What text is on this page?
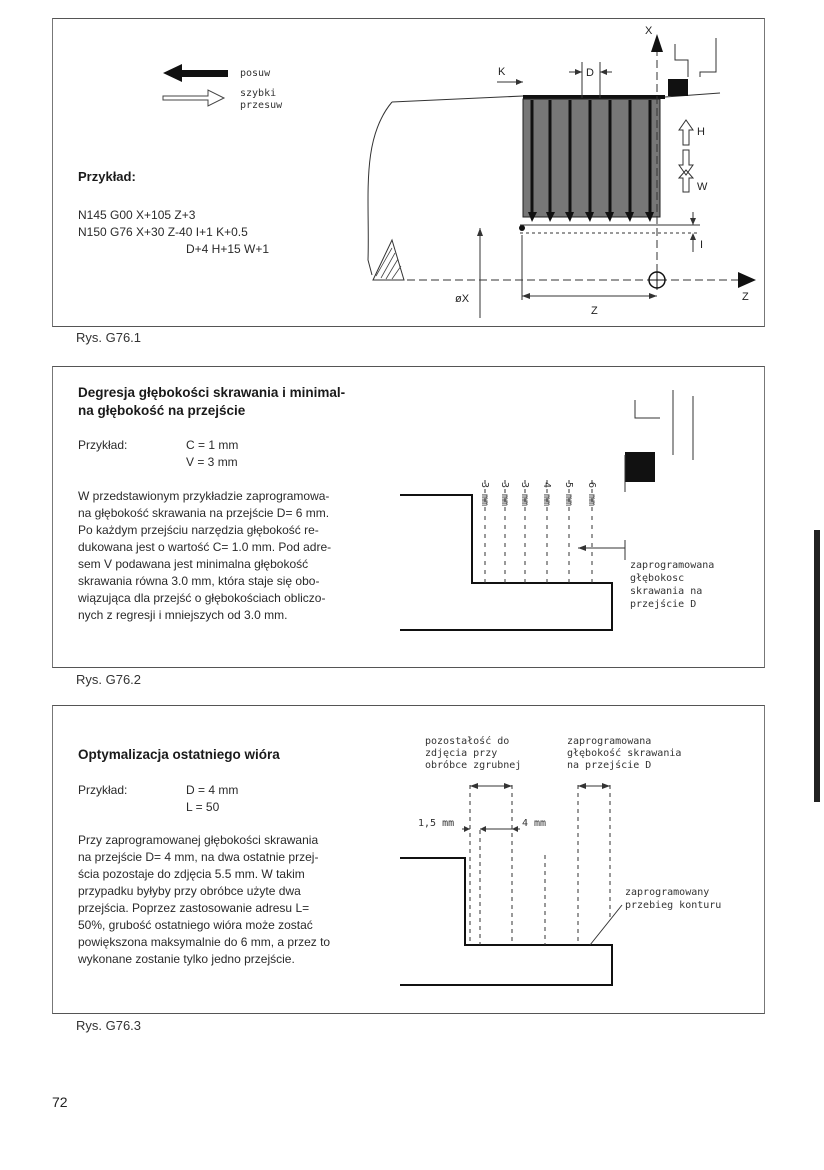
posuw
szybki
przesuw
Przykład:
N145 G00 X+105 Z+3
N150 G76 X+30 Z-40 I+1 K+0.5
D+4 H+15 W+1
X
Z
K	D
H
W
I
øX
Z
Rys. G76.1
Degresja głębokości skrawania i minimal-
na głębokość na przejście
Przykład:	C = 1 mm
V = 3 mm
W przedstawionym przykładzie zaprogramowa-
na głębokość skrawania na przejście D= 6 mm.
Po każdym przejściu narzędzia głębokość re-
dukowana jest o wartość C= 1.0 mm. Pod adre-
sem V podawana jest minimalna głębokość
skrawania równa 3.0 mm, która staje się obo-
wiązująca dla przejść o głębokościach obliczo-
nych z regresji i mniejszych od 3.0 mm.
3 mm 3 mm 3 mm 4 mm 5 mm 6 mm
zaprogramowana
głębokosc
skrawania na
przejście D
Rys. G76.2
Optymalizacja ostatniego wióra
Przykład:	D = 4 mm
L = 50
Przy zaprogramowanej głębokości skrawania
na przejście D= 4 mm, na dwa ostatnie przej-
ścia pozostaje do zdjęcia 5.5 mm. W takim
przypadku byłyby przy obróbce użyte dwa
przejścia. Poprzez zastosowanie adresu L=
50%, grubość ostatniego wióra może zostać
powiększona maksymalnie do 6 mm, a przez to
wykonane zostanie tylko jedno przejście.
pozostałość do
zdjęcia przy
obróbce zgrubnej
zaprogramowana
głębokość skrawania
na przejście D
1,5 mm	4 mm
zaprogramowany
przebieg konturu
Rys. G76.3
72
